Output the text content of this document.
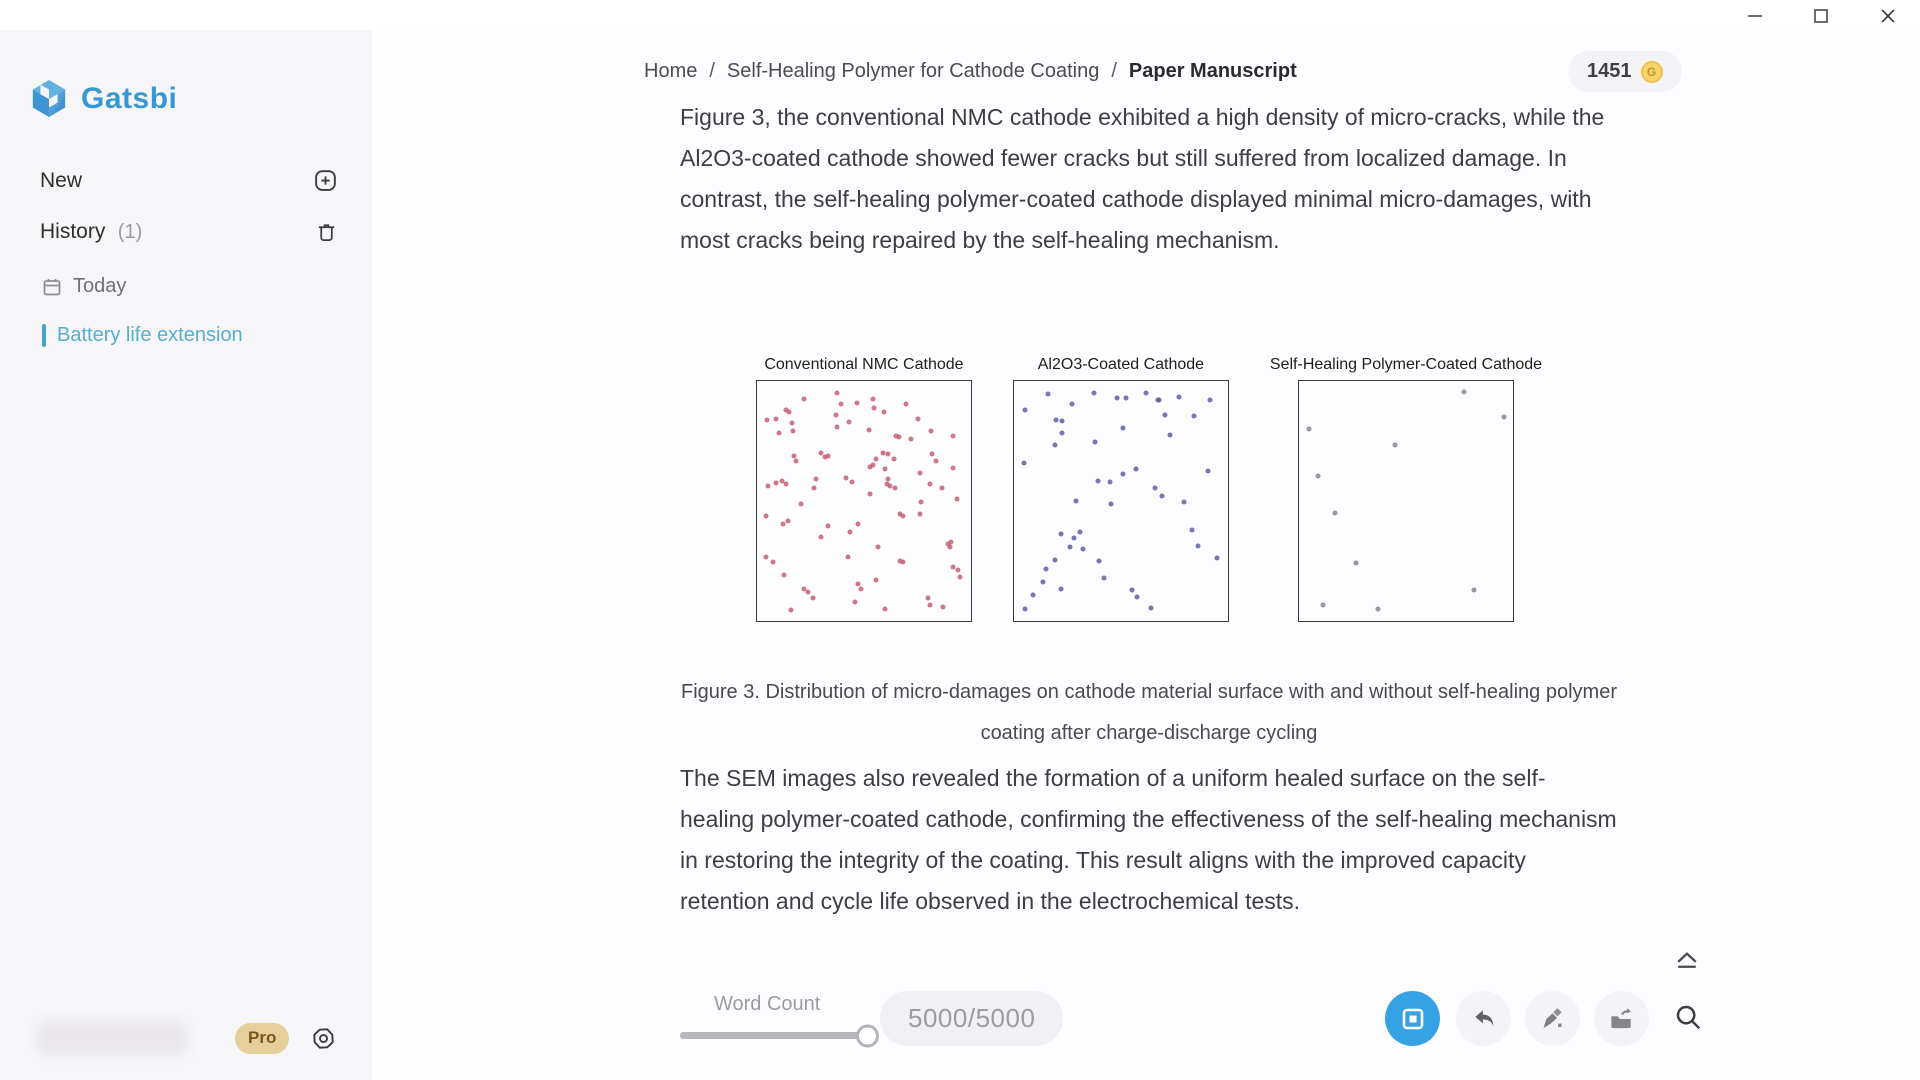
Gatsbi
New
History (1)
Today
Battery life extension
Pro
Home / Self-Healing Polymer for Cathode Coating / Paper Manuscript	1451	G
Figure 3, the conventional NMC cathode exhibited a high density of micro-cracks, while the Al2O3-coated cathode showed fewer cracks but still suffered from localized damage. In contrast, the self-healing polymer-coated cathode displayed minimal micro-damages, with most cracks being repaired by the self-healing mechanism.
Conventional NMC Cathode	Al2O3-Coated Cathode	Self-Healing Polymer-Coated Cathode
Figure 3. Distribution of micro-damages on cathode material surface with and without self-healing polymer coating after charge-discharge cycling
The SEM images also revealed the formation of a uniform healed surface on the self-healing polymer-coated cathode, confirming the effectiveness of the self-healing mechanism in restoring the integrity of the coating. This result aligns with the improved capacity retention and cycle life observed in the electrochemical tests.
Word Count	5000 / 5000
